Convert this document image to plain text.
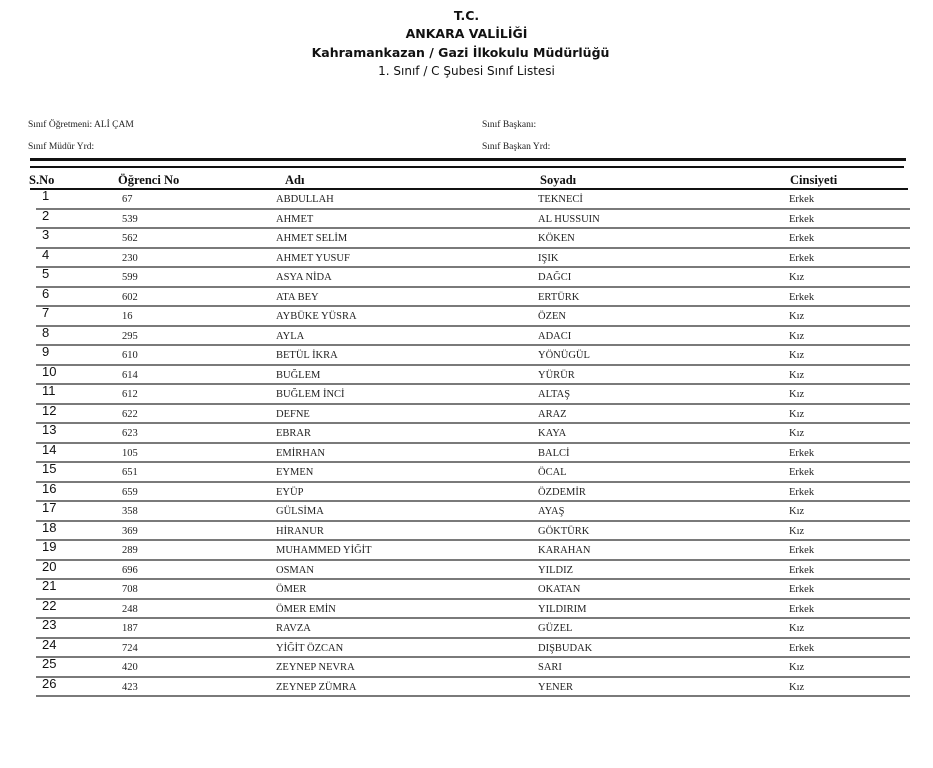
T.C.
ANKARA VALİLİĞİ
Kahramankazan / Gazi İlkokulu Müdürlüğü
1. Sınıf / C Şubesi Sınıf Listesi
Sınıf Öğretmeni: ALİ ÇAM
Sınıf Müdür Yrd:
Sınıf Başkanı:
Sınıf Başkan Yrd:
S.No	Öğrenci No	Adı	Soyadı	Cinsiyeti
1	67	ABDULLAH	TEKNECİ	Erkek
2	539	AHMET	AL HUSSUIN	Erkek
3	562	AHMET SELİM	KÖKEN	Erkek
4	230	AHMET YUSUF	IŞIK	Erkek
5	599	ASYA NİDA	DAĞCI	Kız
6	602	ATA BEY	ERTÜRK	Erkek
7	16	AYBÜKE YÜSRA	ÖZEN	Kız
8	295	AYLA	ADACI	Kız
9	610	BETÜL İKRA	YÖNÜGÜL	Kız
10	614	BUĞLEM	YÜRÜR	Kız
11	612	BUĞLEM İNCİ	ALTAŞ	Kız
12	622	DEFNE	ARAZ	Kız
13	623	EBRAR	KAYA	Kız
14	105	EMİRHAN	BALCİ	Erkek
15	651	EYMEN	ÖCAL	Erkek
16	659	EYÜP	ÖZDEMİR	Erkek
17	358	GÜLSİMA	AYAŞ	Kız
18	369	HİRANUR	GÖKTÜRK	Kız
19	289	MUHAMMED YİĞİT	KARAHAN	Erkek
20	696	OSMAN	YILDIZ	Erkek
21	708	ÖMER	OKATAN	Erkek
22	248	ÖMER EMİN	YILDIRIM	Erkek
23	187	RAVZA	GÜZEL	Kız
24	724	YİĞİT ÖZCAN	DIŞBUDAK	Erkek
25	420	ZEYNEP NEVRA	SARI	Kız
26	423	ZEYNEP ZÜMRA	YENER	Kız
